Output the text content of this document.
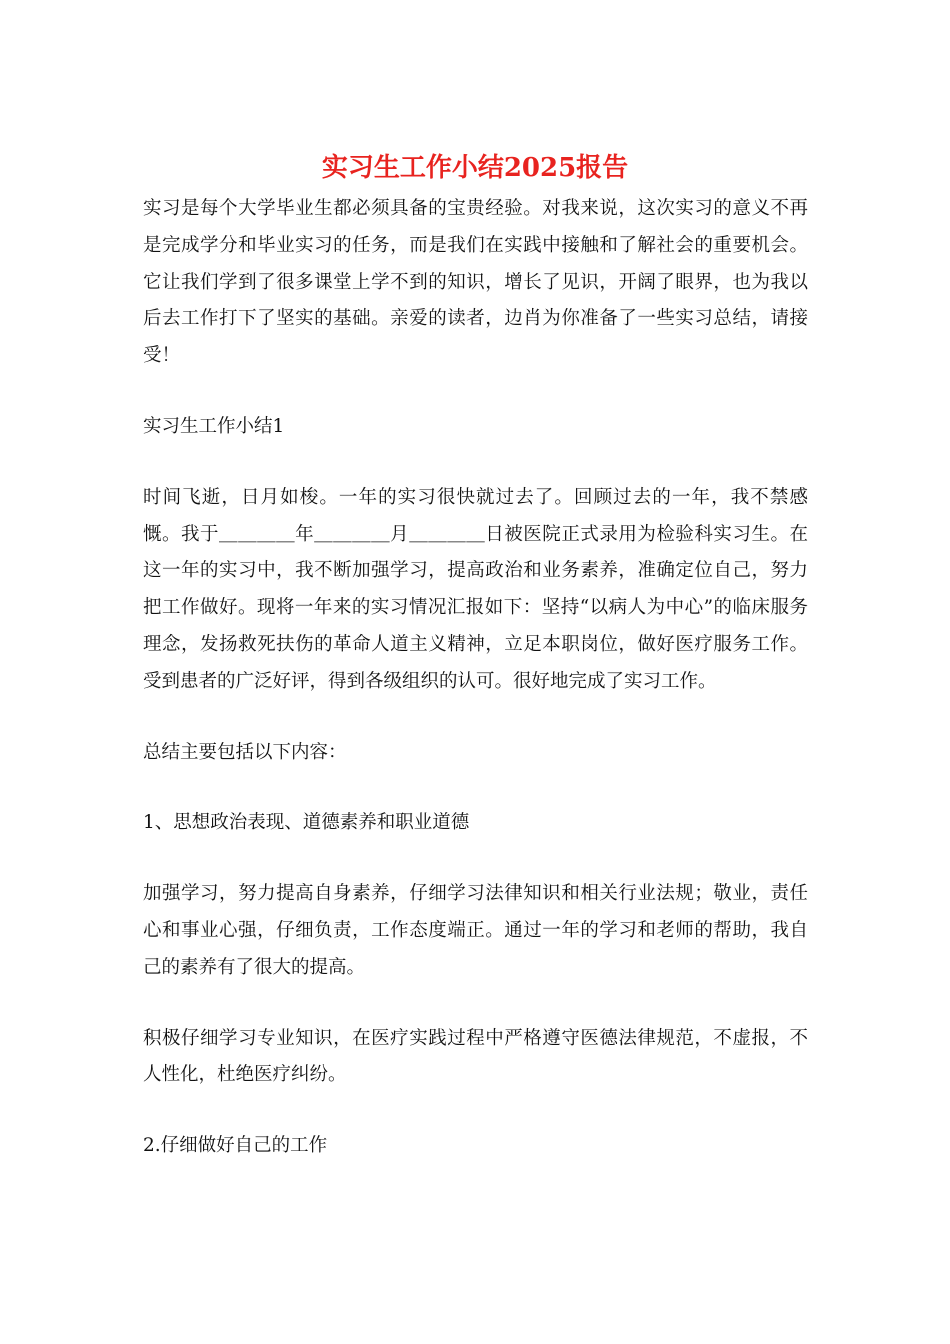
实习生工作小结2025报告

实习是每个大学毕业生都必须具备的宝贵经验。对我来说，这次实习的意义不再是完成学分和毕业实习的任务，而是我们在实践中接触和了解社会的重要机会。它让我们学到了很多课堂上学不到的知识，增长了见识，开阔了眼界，也为我以后去工作打下了坚实的基础。亲爱的读者，边肖为你准备了一些实习总结，请接受！

实习生工作小结1

时间飞逝，日月如梭。一年的实习很快就过去了。回顾过去的一年，我不禁感慨。我于＿＿＿＿年＿＿＿＿月＿＿＿＿日被医院正式录用为检验科实习生。在这一年的实习中，我不断加强学习，提高政治和业务素养，准确定位自己，努力把工作做好。现将一年来的实习情况汇报如下：坚持“以病人为中心”的临床服务理念，发扬救死扶伤的革命人道主义精神，立足本职岗位，做好医疗服务工作。受到患者的广泛好评，得到各级组织的认可。很好地完成了实习工作。

总结主要包括以下内容：

1、思想政治表现、道德素养和职业道德

加强学习，努力提高自身素养，仔细学习法律知识和相关行业法规；敬业，责任心和事业心强，仔细负责，工作态度端正。通过一年的学习和老师的帮助，我自己的素养有了很大的提高。

积极仔细学习专业知识，在医疗实践过程中严格遵守医德法律规范，不虚报，不人性化，杜绝医疗纠纷。

2.仔细做好自己的工作
